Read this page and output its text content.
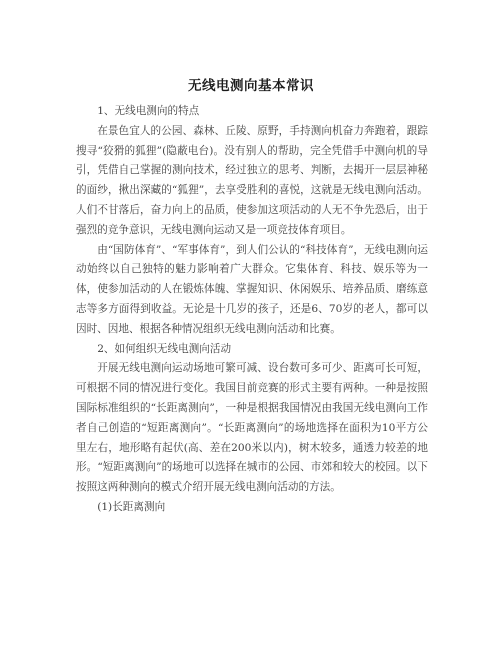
无线电测向基本常识

1、无线电测向的特点

在景色宜人的公园、森林、丘陵、原野，手持测向机奋力奔跑着，跟踪搜寻“狡猾的狐狸”(隐蔽电台)。没有别人的帮助，完全凭借手中测向机的导引，凭借自己掌握的测向技术，经过独立的思考、判断，去揭开一层层神秘的面纱，揪出深藏的“狐狸”，去享受胜利的喜悦，这就是无线电测向活动。人们不甘落后，奋力向上的品质，使参加这项活动的人无不争先恐后，出于强烈的竞争意识，无线电测向运动又是一项竞技体育项目。

由“国防体育”、“军事体育”，到人们公认的“科技体育”，无线电测向运动始终以自己独特的魅力影响着广大群众。它集体育、科技、娱乐等为一体，使参加活动的人在锻炼体魄、掌握知识、休闲娱乐、培养品质、磨练意志等多方面得到收益。无论是十几岁的孩子，还是6、70岁的老人，都可以因时、因地、根据各种情况组织无线电测向活动和比赛。

2、如何组织无线电测向活动

开展无线电测向运动场地可繁可减、设台数可多可少、距离可长可短，可根据不同的情况进行变化。我国目前竞赛的形式主要有两种。一种是按照国际标准组织的“长距离测向”，一种是根据我国情况由我国无线电测向工作者自己创造的“短距离测向”。“长距离测向”的场地选择在面积为10平方公里左右，地形略有起伏(高、差在200米以内)，树木较多，通透力较差的地形。“短距离测向”的场地可以选择在城市的公园、市郊和较大的校园。以下按照这两种测向的模式介绍开展无线电测向活动的方法。

(1)长距离测向
